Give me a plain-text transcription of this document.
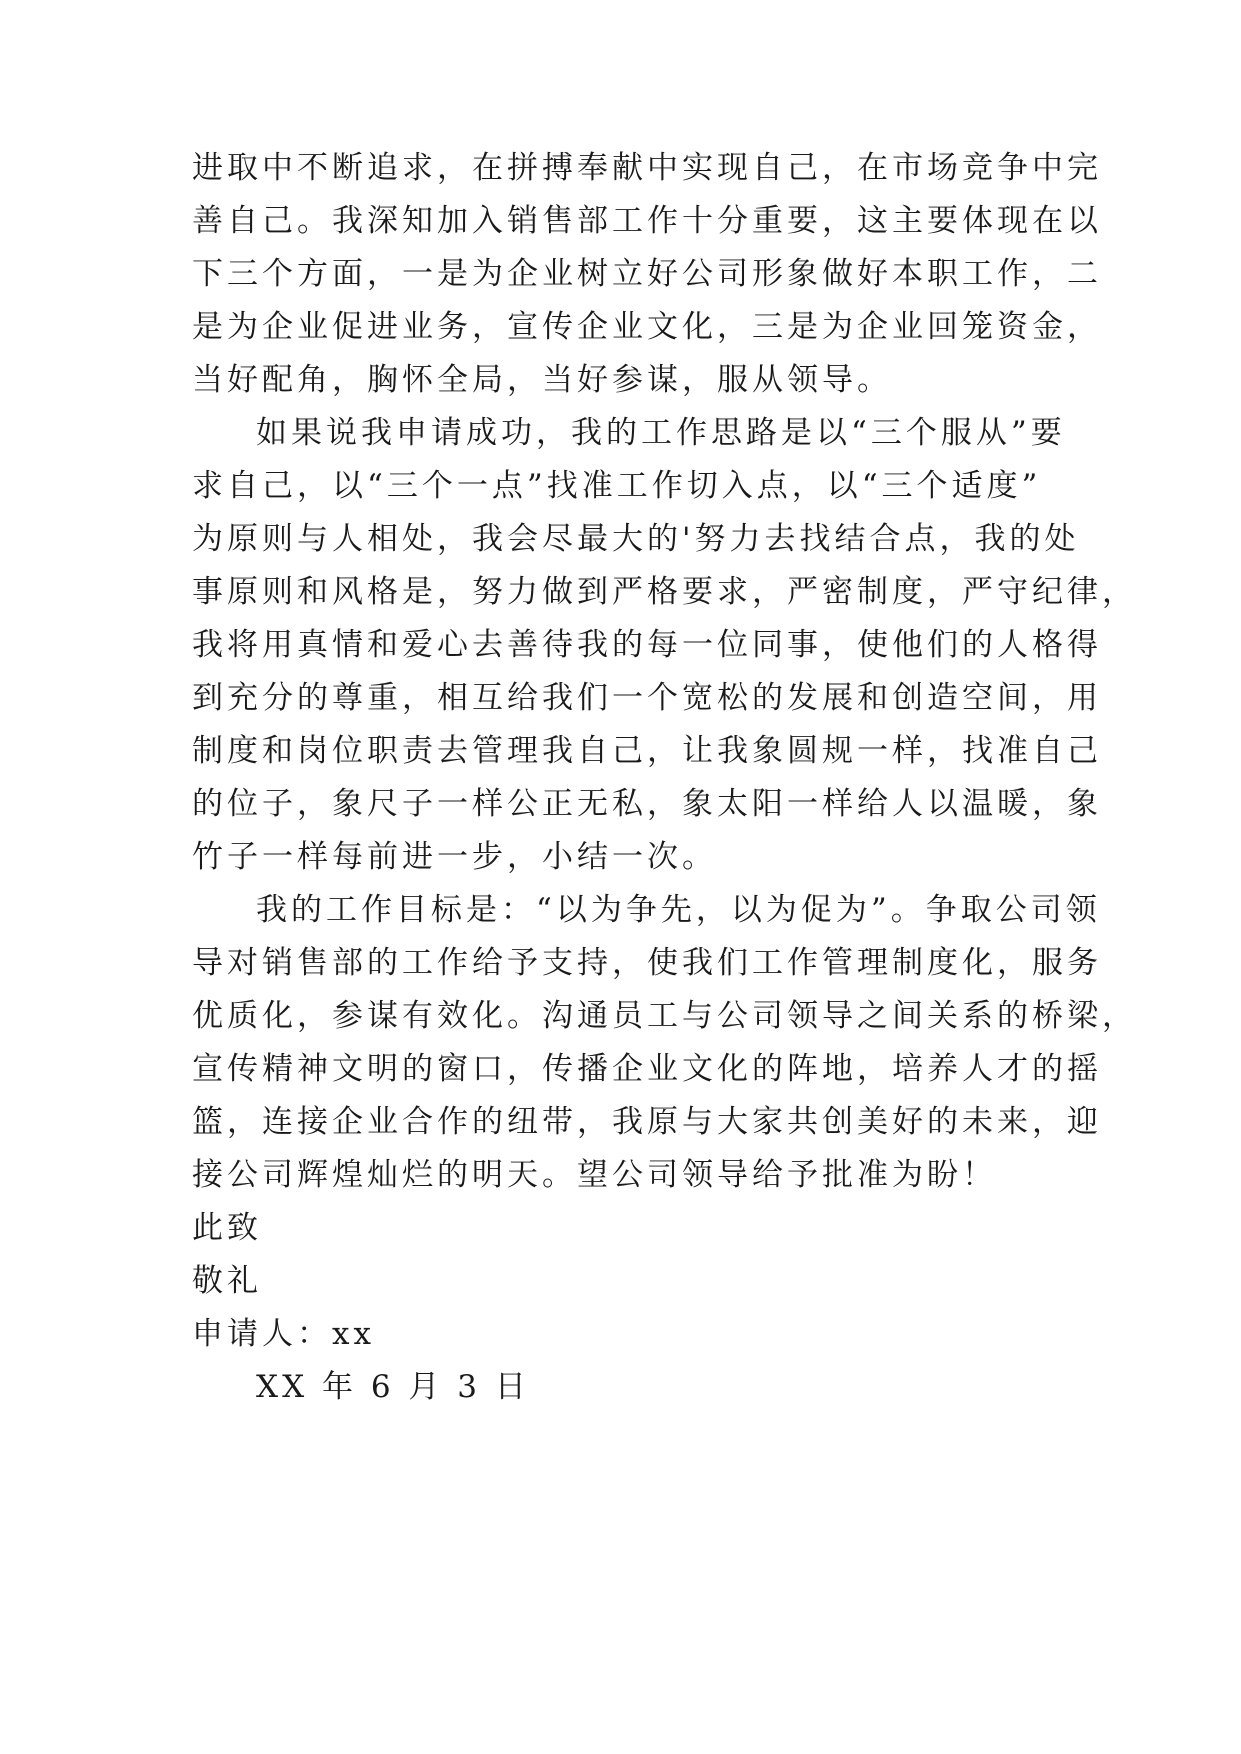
进取中不断追求，在拼搏奉献中实现自己，在市场竞争中完

善自己。我深知加入销售部工作十分重要，这主要体现在以

下三个方面，一是为企业树立好公司形象做好本职工作，二

是为企业促进业务，宣传企业文化，三是为企业回笼资金，

当好配角，胸怀全局，当好参谋，服从领导。

如果说我申请成功，我的工作思路是以“三个服从”要

求自己，以“三个一点”找准工作切入点，以“三个适度”

为原则与人相处，我会尽最大的'努力去找结合点，我的处

事原则和风格是，努力做到严格要求，严密制度，严守纪律，

我将用真情和爱心去善待我的每一位同事，使他们的人格得

到充分的尊重，相互给我们一个宽松的发展和创造空间，用

制度和岗位职责去管理我自己，让我象圆规一样，找准自己

的位子，象尺子一样公正无私，象太阳一样给人以温暖，象

竹子一样每前进一步，小结一次。

我的工作目标是：“以为争先，以为促为”。争取公司领

导对销售部的工作给予支持，使我们工作管理制度化，服务

优质化，参谋有效化。沟通员工与公司领导之间关系的桥梁，

宣传精神文明的窗口，传播企业文化的阵地，培养人才的摇

篮，连接企业合作的纽带，我原与大家共创美好的未来，迎

接公司辉煌灿烂的明天。望公司领导给予批准为盼！

此致

敬礼

申请人：xx

XX 年 6 月 3 日
